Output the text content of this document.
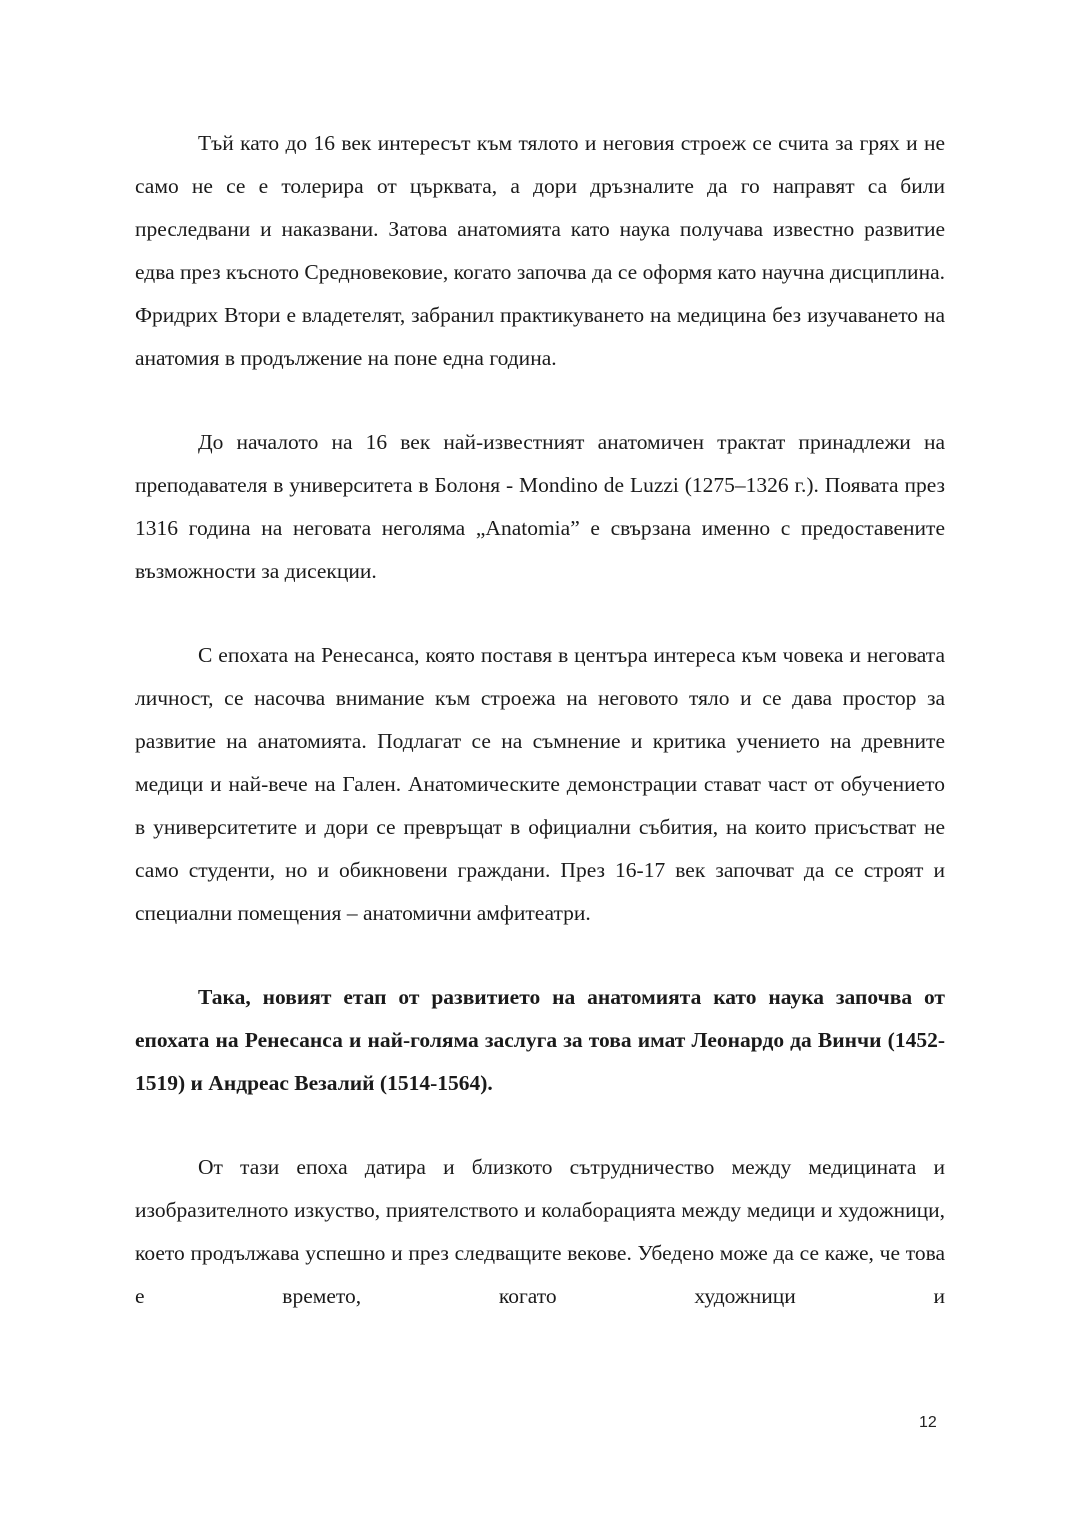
Тъй като до 16 век интересът към тялото и неговия строеж се счита за грях и не само не се е толерира от църквата, а дори дръзналите да го направят са били преследвани и наказвани. Затова анатомията като наука получава известно развитие едва през късното Средновековие, когато започва да се оформя като научна дисциплина. Фридрих Втори е владетелят, забранил практикуването на медицина без изучаването на анатомия в продължение на поне една година.

До началото на 16 век най-известният анатомичен трактат принадлежи на преподавателя в университета в Болоня - Mondino de Luzzi (1275–1326 г.). Появата през 1316 година на неговата неголяма „Anatomia” е свързана именно с предоставените възможности за дисекции.

С епохата на Ренесанса, която поставя в центъра интереса към човека и неговата личност, се насочва внимание към строежа на неговото тяло и се дава простор за развитие на анатомията. Подлагат се на съмнение и критика учението на древните медици и най-вече на Гален. Анатомическите демонстрации стават част от обучението в университетите и дори се превръщат в официални събития, на които присъстват не само студенти, но и обикновени граждани. През 16-17 век започват да се строят и специални помещения – анатомични амфитеатри.

Така, новият етап от развитието на анатомията като наука започва от епохата на Ренесанса и най-голяма заслуга за това имат Леонардо да Винчи (1452-1519) и Андреас Везалий (1514-1564).

От тази епоха датира и близкото сътрудничество между медицината и изобразителното изкуство, приятелството и колаборацията между медици и художници, което продължава успешно и през следващите векове. Убедено може да се каже, че това е времето, когато художници и

12
